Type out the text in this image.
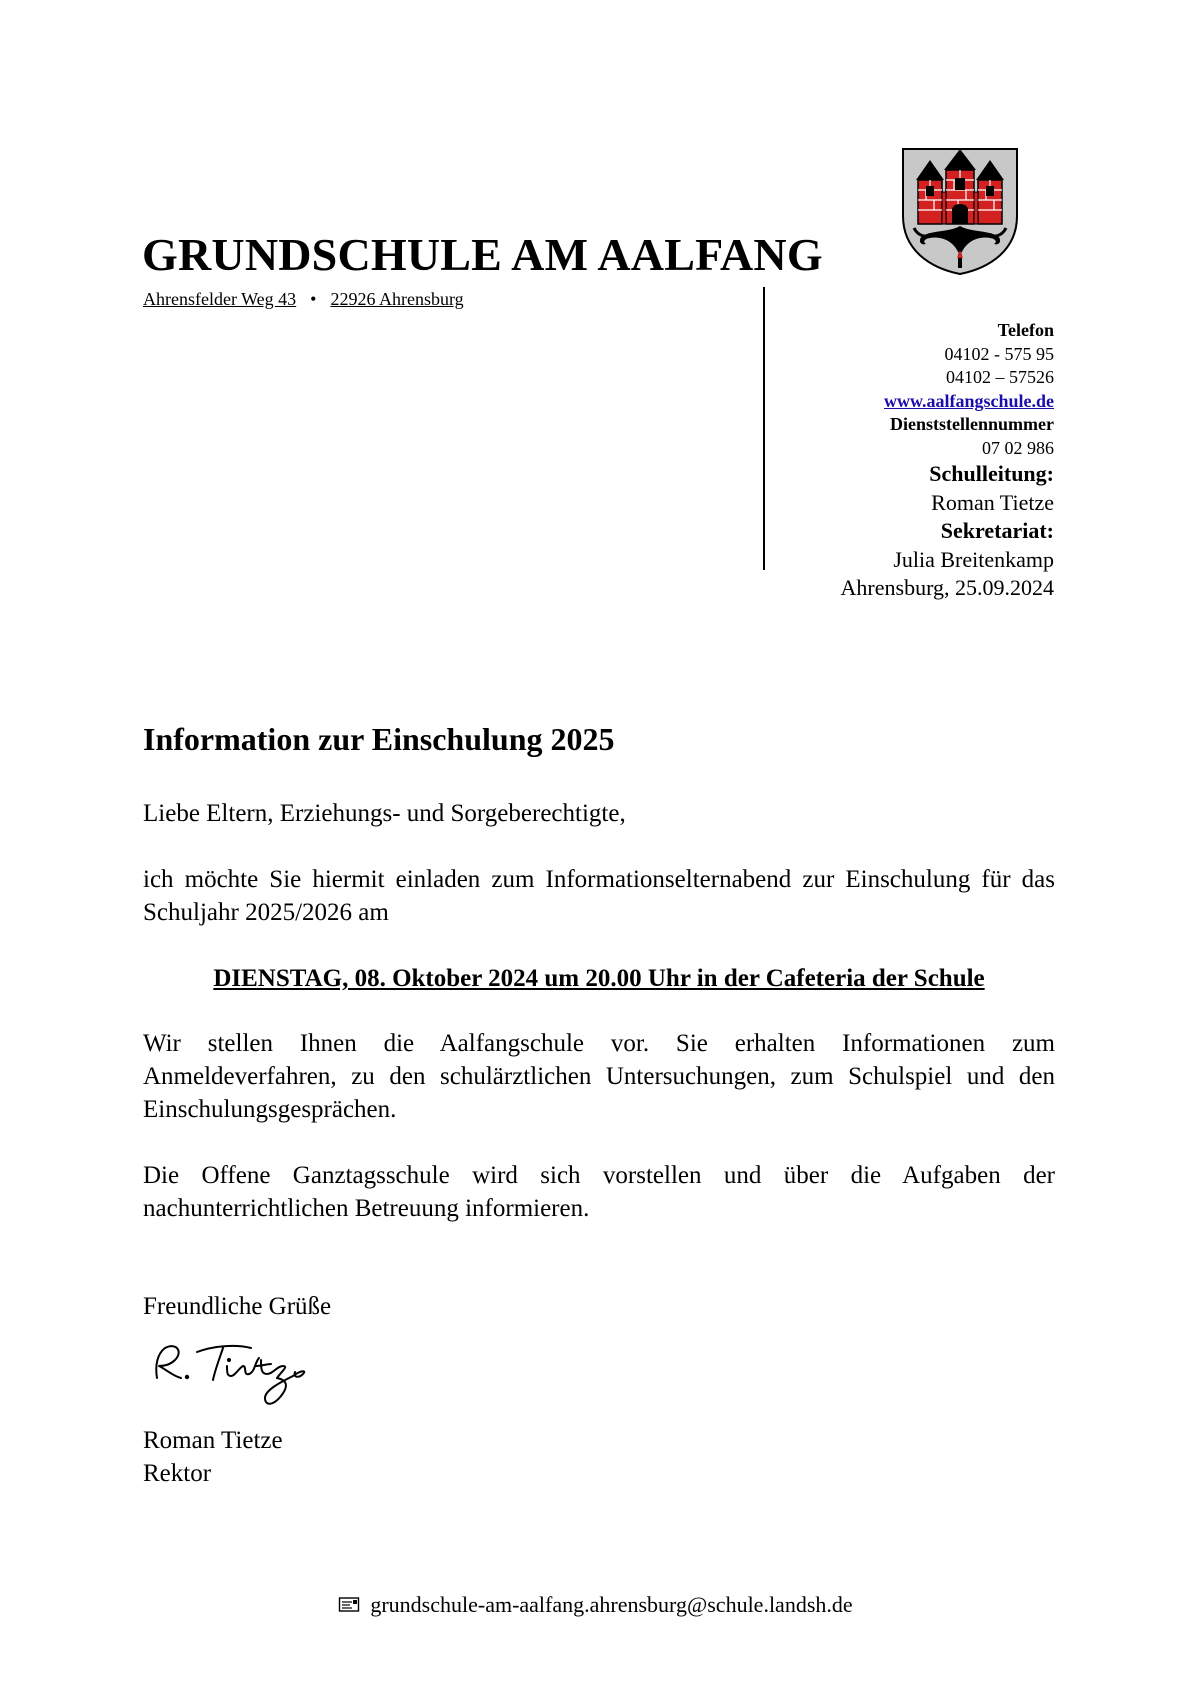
GRUNDSCHULE AM AALFANG
Ahrensfelder Weg 43 • 22926 Ahrensburg
Telefon
04102 - 575 95
04102 – 57526
www.aalfangschule.de
Dienststellennummer
07 02 986
Schulleitung:
Roman Tietze
Sekretariat:
Julia Breitenkamp
Ahrensburg, 25.09.2024
Information zur Einschulung 2025
Liebe Eltern, Erziehungs- und Sorgeberechtigte,
ich möchte Sie hiermit einladen zum Informationselternabend zur Einschulung für das Schuljahr 2025/2026 am
DIENSTAG, 08. Oktober 2024 um 20.00 Uhr in der Cafeteria der Schule
Wir stellen Ihnen die Aalfangschule vor. Sie erhalten Informationen zum Anmeldeverfahren, zu den schulärztlichen Untersuchungen, zum Schulspiel und den Einschulungsgesprächen.
Die Offene Ganztagsschule wird sich vorstellen und über die Aufgaben der nachunterrichtlichen Betreuung informieren.
Freundliche Grüße
Roman Tietze
Rektor
grundschule-am-aalfang.ahrensburg@schule.landsh.de
